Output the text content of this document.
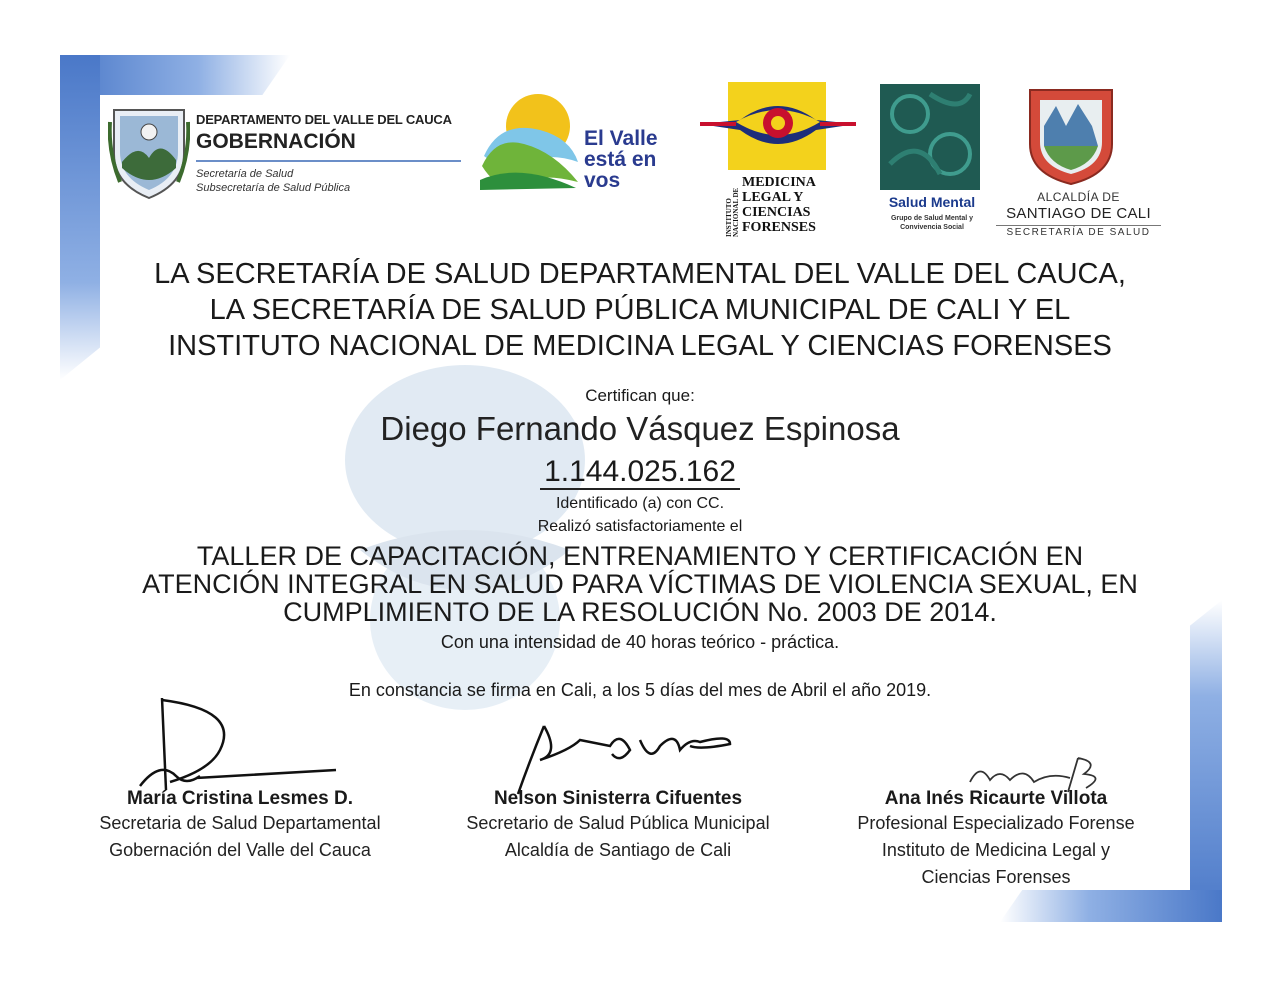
DEPARTAMENTO DEL VALLE DEL CAUCA
GOBERNACIÓN
Secretaría de Salud
Subsecretaría de Salud Pública
El Valle
está en
vos
INSTITUTO NACIONAL DE
MEDICINA
LEGAL Y
CIENCIAS
FORENSES
Salud Mental
Grupo de Salud Mental y Convivencia Social
ALCALDÍA DE
SANTIAGO DE CALI
SECRETARÍA DE SALUD
LA SECRETARÍA DE SALUD DEPARTAMENTAL DEL VALLE DEL CAUCA,
LA SECRETARÍA DE SALUD PÚBLICA MUNICIPAL DE CALI Y EL
INSTITUTO NACIONAL DE MEDICINA LEGAL Y CIENCIAS FORENSES
Certifican que:
Diego Fernando Vásquez Espinosa
1.144.025.162
Identificado (a) con CC.
Realizó satisfactoriamente el
TALLER DE CAPACITACIÓN, ENTRENAMIENTO Y CERTIFICACIÓN EN
ATENCIÓN INTEGRAL EN SALUD PARA VÍCTIMAS DE VIOLENCIA SEXUAL, EN
CUMPLIMIENTO DE LA RESOLUCIÓN No. 2003 DE 2014.
Con una intensidad de 40 horas teórico - práctica.
En constancia se firma en Cali, a los 5 días del mes de Abril el año 2019.
María Cristina Lesmes D.
Secretaria de Salud Departamental
Gobernación del Valle del Cauca
Nelson Sinisterra Cifuentes
Secretario de Salud Pública Municipal
Alcaldía de Santiago de Cali
Ana Inés Ricaurte Villota
Profesional Especializado Forense
Instituto de Medicina Legal y
Ciencias Forenses
